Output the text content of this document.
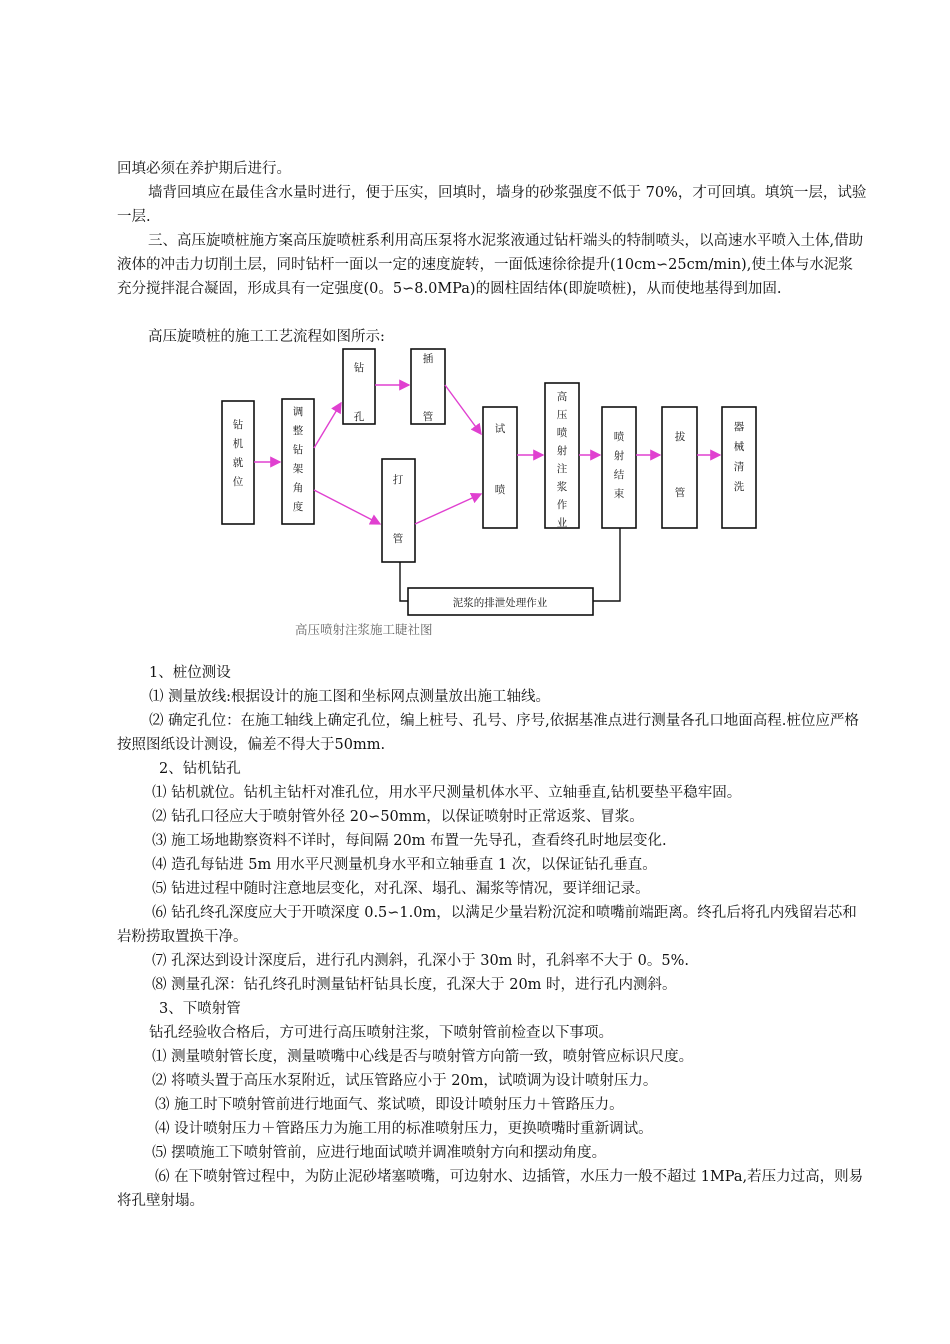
回填必须在养护期后进行。

墙背回填应在最佳含水量时进行，便于压实，回填时，墙身的砂浆强度不低于 70%，才可回填。填筑一层，试验一层.

三、高压旋喷桩施方案高压旋喷桩系利用高压泵将水泥浆液通过钻杆端头的特制喷头，以高速水平喷入土体,借助液体的冲击力切削土层，同时钻杆一面以一定的速度旋转，一面低速徐徐提升(10cm∽25cm/min),使土体与水泥浆充分搅拌混合凝固，形成具有一定强度(0。5∽8.0MPa)的圆柱固结体(即旋喷桩)，从而使地基得到加固.

高压旋喷桩的施工工艺流程如图所示:

钻
机
就
位
调
整
钻
架
角
度
钻
孔
插
管
打
管
试
喷
高
压
喷
射
注
浆
作
业
喷
射
结
束
拔
管
器
械
清
洗
泥浆的排泄处理作业
高压喷射注浆施工睫社图

1、桩位测设

⑴ 测量放线:根据设计的施工图和坐标网点测量放出施工轴线。

⑵ 确定孔位：在施工轴线上确定孔位，编上桩号、孔号、序号,依据基准点进行测量各孔口地面高程.桩位应严格按照图纸设计测设，偏差不得大于50mm.

2、钻机钻孔

⑴ 钻机就位。钻机主钻杆对准孔位，用水平尺测量机体水平、立轴垂直,钻机要垫平稳牢固。

⑵ 钻孔口径应大于喷射管外径 20∽50mm，以保证喷射时正常返浆、冒浆。

⑶ 施工场地勘察资料不详时，每间隔 20m 布置一先导孔，查看终孔时地层变化.

⑷ 造孔每钻进 5m 用水平尺测量机身水平和立轴垂直 1 次，以保证钻孔垂直。

⑸ 钻进过程中随时注意地层变化，对孔深、塌孔、漏浆等情况，要详细记录。

⑹ 钻孔终孔深度应大于开喷深度 0.5∽1.0m，以满足少量岩粉沉淀和喷嘴前端距离。终孔后将孔内残留岩芯和岩粉捞取置换干净。

⑺ 孔深达到设计深度后，进行孔内测斜，孔深小于 30m 时，孔斜率不大于 0。5%.

⑻ 测量孔深：钻孔终孔时测量钻杆钻具长度，孔深大于 20m 时，进行孔内测斜。

3、下喷射管

钻孔经验收合格后，方可进行高压喷射注浆，下喷射管前检查以下事项。

⑴ 测量喷射管长度，测量喷嘴中心线是否与喷射管方向箭一致，喷射管应标识尺度。

⑵ 将喷头置于高压水泵附近，试压管路应小于 20m，试喷调为设计喷射压力。

⑶ 施工时下喷射管前进行地面气、浆试喷，即设计喷射压力＋管路压力。

⑷ 设计喷射压力＋管路压力为施工用的标准喷射压力，更换喷嘴时重新调试。

⑸ 摆喷施工下喷射管前，应进行地面试喷并调准喷射方向和摆动角度。

⑹ 在下喷射管过程中，为防止泥砂堵塞喷嘴，可边射水、边插管，水压力一般不超过 1MPa,若压力过高，则易将孔壁射塌。
